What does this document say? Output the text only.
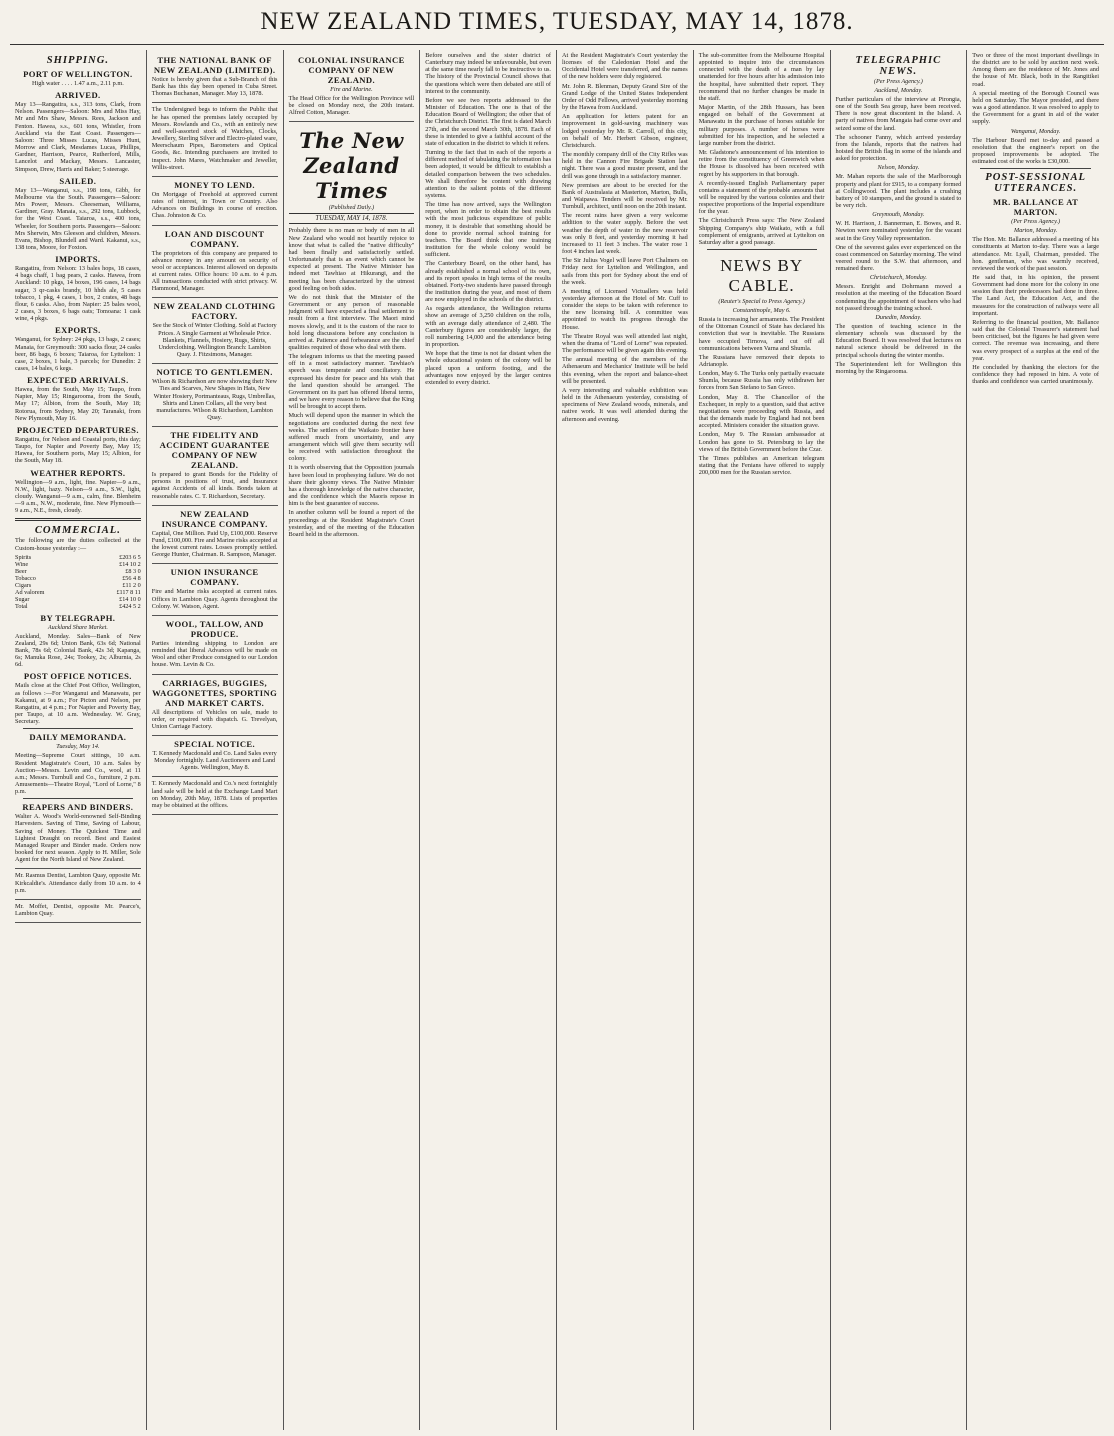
NEW ZEALAND TIMES, TUESDAY, MAY 14, 1878.
SHIPPING.
PORT OF WELLINGTON.
High water . . . . 1.47 a.m., 2.11 p.m.
ARRIVED.
May 13—Rangatira, s.s., 313 tons, Clark, from Nelson. Passengers—Saloon: Mrs and Miss Hay, Mr and Mrs Shaw, Messrs. Rees, Jackson and Fenton. Hawea, s.s., 601 tons, Whistler, from Auckland via the East Coast. Passengers—Saloon: Three Misses Lucas, Misses Hunt, Morrow and Clark, Mesdames Lucas, Phillips, Gardner, Harrison, Pearce, Rutherford, Mills, Lancelot and Mackay, Messrs. Lancaster, Simpson, Drew, Harris and Baker; 5 steerage.
SAILED.
May 13—Wanganui, s.s., 198 tons, Gibb, for Melbourne via the South. Passengers—Saloon: Mrs Power, Messrs. Cheeseman, Williams, Gardiner, Gray. Manaia, s.s., 292 tons, Lubbock, for the West Coast. Taiaroa, s.s., 400 tons, Wheeler, for Southern ports. Passengers—Saloon: Mrs Sherwin, Mrs Gleeson and children, Messrs. Evans, Bishop, Blundell and Ward. Kakanui, s.s., 138 tons, Moore, for Foxton.
IMPORTS.
Rangatira, from Nelson: 13 bales hops, 18 cases, 4 bags chaff, 1 bag pears, 2 casks. Hawea, from Auckland: 10 pkgs, 14 boxes, 196 cases, 14 bags sugar, 3 qr-casks brandy, 10 hhds ale, 5 cases tobacco, 1 pkg, 4 cases, 1 box, 2 crates, 48 bags flour, 6 casks. Also, from Napier: 25 bales wool, 2 cases, 3 boxes, 6 bags oats; Tomoana: 1 cask wine, 4 pkgs.
EXPORTS.
Wanganui, for Sydney: 24 pkgs, 13 bags, 2 cases; Manaia, for Greymouth: 300 sacks flour, 24 casks beer, 86 bags, 6 boxes; Taiaroa, for Lyttelton: 1 case, 2 boxes, 1 bale, 3 parcels; for Dunedin: 2 cases, 14 bales, 6 kegs.
EXPECTED ARRIVALS.
Hawea, from the South, May 15; Taupo, from Napier, May 15; Ringarooma, from the South, May 17; Albion, from the South, May 18; Rotorua, from Sydney, May 20; Taranaki, from New Plymouth, May 16.
PROJECTED DEPARTURES.
Rangatira, for Nelson and Coastal ports, this day; Taupo, for Napier and Poverty Bay, May 15; Hawea, for Southern ports, May 15; Albion, for the South, May 18.
WEATHER REPORTS.
Wellington—9 a.m., light, fine. Napier—9 a.m., N.W., light, hazy. Nelson—9 a.m., S.W., light, cloudy. Wanganui—9 a.m., calm, fine. Blenheim—9 a.m., N.W., moderate, fine. New Plymouth—9 a.m., N.E., fresh, cloudy.
COMMERCIAL.
The following are the duties collected at the Custom-house yesterday :—
Spirits	£203 6 5
Wine	£14 10 2
Beer	£8 3 0
Tobacco	£56 4 8
Cigars	£11 2 0
Ad valorem	£117 8 11
Sugar	£14 10 0
Total	£424 5 2
BY TELEGRAPH.
Auckland Share Market.
Auckland, Monday. Sales—Bank of New Zealand, 29s 6d; Union Bank, 63s 6d; National Bank, 78s 6d; Colonial Bank, 42s 3d; Kapanga, 6s; Manuka Rose, 24s; Tookey, 2s; Alburnia, 2s 6d.
POST OFFICE NOTICES.
Mails close at the Chief Post Office, Wellington, as follows :—For Wanganui and Manawatu, per Kakanui, at 9 a.m.; For Picton and Nelson, per Rangatira, at 4 p.m.; For Napier and Poverty Bay, per Taupo, at 10 a.m. Wednesday. W. Gray, Secretary.
DAILY MEMORANDA.
Tuesday, May 14.
Meeting—Supreme Court sittings, 10 a.m. Resident Magistrate's Court, 10 a.m. Sales by Auction—Messrs. Levin and Co., wool, at 11 a.m.; Messrs. Turnbull and Co., furniture, 2 p.m. Amusements—Theatre Royal, "Lord of Lorne," 8 p.m.
REAPERS AND BINDERS.
Walter A. Wood's World-renowned Self-Binding Harvesters. Saving of Time, Saving of Labour, Saving of Money. The Quickest Time and Lightest Draught on record. Best and Easiest Managed Reaper and Binder made. Orders now booked for next season. Apply to H. Miller, Sole Agent for the North Island of New Zealand.
Mr. Rasmus Dentist, Lambton Quay, opposite Mr. Kirkcaldie's. Attendance daily from 10 a.m. to 4 p.m.
Mr. Moffet, Dentist, opposite Mr. Pearce's, Lambton Quay.
THE NATIONAL BANK OF NEW ZEALAND (LIMITED).
Notice is hereby given that a Sub-Branch of this Bank has this day been opened in Cuba Street. Thomas Buchanan, Manager. May 13, 1878.
The Undersigned begs to inform the Public that he has opened the premises lately occupied by Messrs. Rowlands and Co., with an entirely new and well-assorted stock of Watches, Clocks, Jewellery, Sterling Silver and Electro-plated ware, Meerschaum Pipes, Barometers and Optical Goods, &c. Intending purchasers are invited to inspect. John Mares, Watchmaker and Jeweller, Willis-street.
MONEY TO LEND.
On Mortgage of Freehold at approved current rates of interest, in Town or Country. Also Advances on Buildings in course of erection. Chas. Johnston & Co.
LOAN AND DISCOUNT COMPANY.
The proprietors of this company are prepared to advance money in any amount on security of wool or acceptances. Interest allowed on deposits at current rates. Office hours: 10 a.m. to 4 p.m. All transactions conducted with strict privacy. W. Hammond, Manager.
NEW ZEALAND CLOTHING FACTORY.
See the Stock of Winter Clothing. Sold at Factory Prices. A Single Garment at Wholesale Price. Blankets, Flannels, Hosiery, Rugs, Shirts, Underclothing. Wellington Branch: Lambton Quay. J. Fitzsimons, Manager.
NOTICE TO GENTLEMEN.
Wilson & Richardson are now showing their New Ties and Scarves, New Shapes in Hats, New Winter Hosiery, Portmanteaus, Rugs, Umbrellas, Shirts and Linen Collars, all the very best manufactures. Wilson & Richardson, Lambton Quay.
THE FIDELITY AND ACCIDENT GUARANTEE COMPANY OF NEW ZEALAND.
Is prepared to grant Bonds for the Fidelity of persons in positions of trust, and Insurance against Accidents of all kinds. Bonds taken at reasonable rates. C. T. Richardson, Secretary.
NEW ZEALAND INSURANCE COMPANY.
Capital, One Million. Paid Up, £100,000. Reserve Fund, £100,000. Fire and Marine risks accepted at the lowest current rates. Losses promptly settled. George Hunter, Chairman. R. Sampson, Manager.
UNION INSURANCE COMPANY.
Fire and Marine risks accepted at current rates. Offices in Lambton Quay. Agents throughout the Colony. W. Watson, Agent.
WOOL, TALLOW, AND PRODUCE.
Parties intending shipping to London are reminded that liberal Advances will be made on Wool and other Produce consigned to our London house. Wm. Levin & Co.
CARRIAGES, BUGGIES, WAGGONETTES, SPORTING AND MARKET CARTS.
All descriptions of Vehicles on sale, made to order, or repaired with dispatch. G. Trevelyan, Union Carriage Factory.
SPECIAL NOTICE.
T. Kennedy Macdonald and Co. Land Sales every Monday fortnightly. Land Auctioneers and Land Agents. Wellington, May 8.
T. Kennedy Macdonald and Co.'s next fortnightly land sale will be held at the Exchange Land Mart on Monday, 20th May, 1878. Lists of properties may be obtained at the offices.
COLONIAL INSURANCE COMPANY OF NEW ZEALAND.
Fire and Marine.
The Head Office for the Wellington Province will be closed on Monday next, the 20th instant. Alfred Cotton, Manager.
The New Zealand Times
(Published Daily.)
TUESDAY, MAY 14, 1878.
Probably there is no man or body of men in all New Zealand who would not heartily rejoice to know that what is called the "native difficulty" had been finally and satisfactorily settled. Unfortunately that is an event which cannot be expected at present. The Native Minister has indeed met Tawhiao at Hikurangi, and the meeting has been characterized by the utmost good feeling on both sides.
We do not think that the Minister of the Government or any person of reasonable judgment will have expected a final settlement to result from a first interview. The Maori mind moves slowly, and it is the custom of the race to hold long discussions before any conclusion is arrived at. Patience and forbearance are the chief qualities required of those who deal with them.
The telegram informs us that the meeting passed off in a most satisfactory manner. Tawhiao's speech was temperate and conciliatory. He expressed his desire for peace and his wish that the land question should be arranged. The Government on its part has offered liberal terms, and we have every reason to believe that the King will be brought to accept them.
Much will depend upon the manner in which the negotiations are conducted during the next few weeks. The settlers of the Waikato frontier have suffered much from uncertainty, and any arrangement which will give them security will be received with satisfaction throughout the colony.
It is worth observing that the Opposition journals have been loud in prophesying failure. We do not share their gloomy views. The Native Minister has a thorough knowledge of the native character, and the confidence which the Maoris repose in him is the best guarantee of success.
In another column will be found a report of the proceedings at the Resident Magistrate's Court yesterday, and of the meeting of the Education Board held in the afternoon.
Before ourselves and the sister district of Canterbury may indeed be unfavourable, but even at the same time nearly fall to be instructive to us. The history of the Provincial Council shows that the questions which were then debated are still of interest to the community.
Before we see two reports addressed to the Minister of Education. The one is that of the Education Board of Wellington; the other that of the Christchurch District. The first is dated March 27th, and the second March 30th, 1878. Each of these is intended to give a faithful account of the state of education in the district to which it refers.
Turning to the fact that in each of the reports a different method of tabulating the information has been adopted, it would be difficult to establish a detailed comparison between the two schedules. We shall therefore be content with drawing attention to the salient points of the different systems.
The time has now arrived, says the Wellington report, when in order to obtain the best results with the most judicious expenditure of public money, it is desirable that something should be done to provide normal school training for teachers. The Board think that one training institution for the whole colony would be sufficient.
The Canterbury Board, on the other hand, has already established a normal school of its own, and its report speaks in high terms of the results obtained. Forty-two students have passed through the institution during the year, and most of them are now employed in the schools of the district.
As regards attendance, the Wellington returns show an average of 3,250 children on the rolls, with an average daily attendance of 2,480. The Canterbury figures are considerably larger, the roll numbering 14,000 and the attendance being in proportion.
We hope that the time is not far distant when the whole educational system of the colony will be placed upon a uniform footing, and the advantages now enjoyed by the larger centres extended to every district.
At the Resident Magistrate's Court yesterday the licenses of the Caledonian Hotel and the Occidental Hotel were transferred, and the names of the new holders were duly registered.
Mr. John R. Blenman, Deputy Grand Sire of the Grand Lodge of the United States Independent Order of Odd Fellows, arrived yesterday morning by the Hawea from Auckland.
An application for letters patent for an improvement in gold-saving machinery was lodged yesterday by Mr. R. Carroll, of this city, on behalf of Mr. Herbert Gibson, engineer, Christchurch.
The monthly company drill of the City Rifles was held in the Cannon Fire Brigade Station last night. There was a good muster present, and the drill was gone through in a satisfactory manner.
New premises are about to be erected for the Bank of Australasia at Masterton, Marton, Bulls, and Waipawa. Tenders will be received by Mr. Turnbull, architect, until noon on the 20th instant.
The recent rains have given a very welcome addition to the water supply. Before the wet weather the depth of water in the new reservoir was only 8 feet, and yesterday morning it had increased to 11 feet 3 inches. The water rose 1 foot 4 inches last week.
The Sir Julius Vogel will leave Port Chalmers on Friday next for Lyttelton and Wellington, and sails from this port for Sydney about the end of the week.
A meeting of Licensed Victuallers was held yesterday afternoon at the Hotel of Mr. Cuff to consider the steps to be taken with reference to the new licensing bill. A committee was appointed to watch its progress through the House.
The Theatre Royal was well attended last night, when the drama of "Lord of Lorne" was repeated. The performance will be given again this evening.
The annual meeting of the members of the Athenaeum and Mechanics' Institute will be held this evening, when the report and balance-sheet will be presented.
A very interesting and valuable exhibition was held in the Athenaeum yesterday, consisting of specimens of New Zealand woods, minerals, and native work. It was well attended during the afternoon and evening.
The sub-committee from the Melbourne Hospital appointed to inquire into the circumstances connected with the death of a man by lay unattended for five hours after his admission into the hospital, have submitted their report. They recommend that no further changes be made in the staff.
Major Martin, of the 28th Hussars, has been engaged on behalf of the Government at Manawatu in the purchase of horses suitable for military purposes. A number of horses were submitted for his inspection, and he selected a large number from the district.
Mr. Gladstone's announcement of his intention to retire from the constituency of Greenwich when the House is dissolved has been received with regret by his supporters in that borough.
A recently-issued English Parliamentary paper contains a statement of the probable amounts that will be required by the various colonies and their respective proportions of the Imperial expenditure for the year.
The Christchurch Press says: The New Zealand Shipping Company's ship Waikato, with a full complement of emigrants, arrived at Lyttelton on Saturday after a good passage.
NEWS BY CABLE.
(Reuter's Special to Press Agency.)
Constantinople, May 6.
Russia is increasing her armaments. The President of the Ottoman Council of State has declared his conviction that war is inevitable. The Russians have occupied Tirnova, and cut off all communications between Varna and Shumla.
The Russians have removed their depots to Adrianople.
London, May 6. The Turks only partially evacuate Shumla, because Russia has only withdrawn her forces from San Stefano to San Greco.
London, May 8. The Chancellor of the Exchequer, in reply to a question, said that active negotiations were proceeding with Russia, and that the demands made by England had not been accepted. Ministers consider the situation grave.
London, May 9. The Russian ambassador at London has gone to St. Petersburg to lay the views of the British Government before the Czar.
The Times publishes an American telegram stating that the Fenians have offered to supply 200,000 men for the Russian service.
TELEGRAPHIC NEWS.
(Per Press Agency.)
Auckland, Monday.
Further particulars of the interview at Pirongia, one of the South Sea group, have been received. There is now great discontent in the Island. A party of natives from Mangaia had come over and seized some of the land.
The schooner Fanny, which arrived yesterday from the Islands, reports that the natives had hoisted the British flag in some of the islands and asked for protection.
Nelson, Monday.
Mr. Mahan reports the sale of the Marlborough property and plant for £915, to a company formed at Collingwood. The plant includes a crushing battery of 10 stampers, and the ground is stated to be very rich.
Greymouth, Monday.
W. H. Harrison, J. Bannerman, E. Bowes, and R. Newton were nominated yesterday for the vacant seat in the Grey Valley representation.
One of the severest gales ever experienced on the coast commenced on Saturday morning. The wind veered round to the S.W. that afternoon, and remained there.
Christchurch, Monday.
Messrs. Enright and Dohrmann moved a resolution at the meeting of the Education Board condemning the appointment of teachers who had not passed through the training school.
Dunedin, Monday.
The question of teaching science in the elementary schools was discussed by the Education Board. It was resolved that lectures on natural science should be delivered in the principal schools during the winter months.
The Superintendent left for Wellington this morning by the Ringarooma.
Two or three of the most important dwellings in the district are to be sold by auction next week. Among them are the residence of Mr. Jones and the house of Mr. Black, both in the Rangitikei road.
A special meeting of the Borough Council was held on Saturday. The Mayor presided, and there was a good attendance. It was resolved to apply to the Government for a grant in aid of the water supply.
Wanganui, Monday.
The Harbour Board met to-day and passed a resolution that the engineer's report on the proposed improvements be adopted. The estimated cost of the works is £30,000.
POST-SESSIONAL UTTERANCES.
MR. BALLANCE AT MARTON.
(Per Press Agency.)
Marton, Monday.
The Hon. Mr. Ballance addressed a meeting of his constituents at Marton to-day. There was a large attendance. Mr. Lyall, Chairman, presided. The hon. gentleman, who was warmly received, reviewed the work of the past session.
He said that, in his opinion, the present Government had done more for the colony in one session than their predecessors had done in three. The Land Act, the Education Act, and the measures for the construction of railways were all important.
Referring to the financial position, Mr. Ballance said that the Colonial Treasurer's statement had been criticised, but the figures he had given were correct. The revenue was increasing, and there was every prospect of a surplus at the end of the year.
He concluded by thanking the electors for the confidence they had reposed in him. A vote of thanks and confidence was carried unanimously.
